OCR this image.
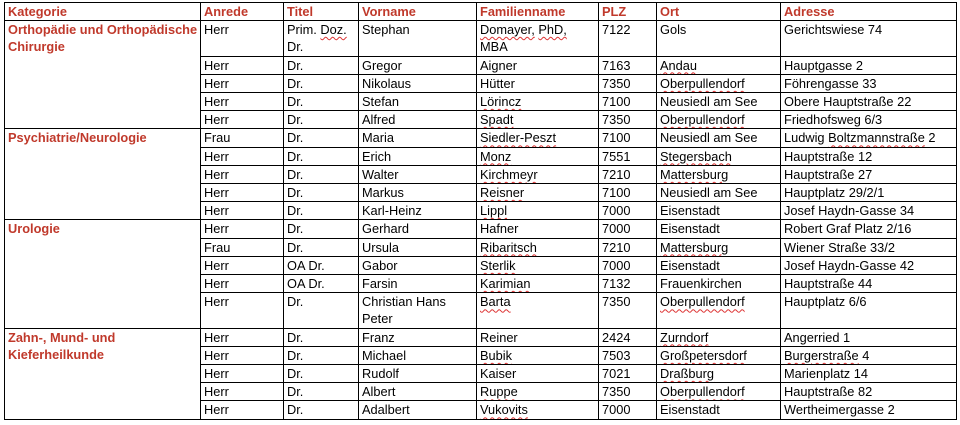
Kategorie	Anrede	Titel	Vorname	Familienname	PLZ	Ort	Adresse
Orthopädie und Orthopädische Chirurgie	Herr	Prim. Doz. Dr.	Stephan	Domayer, PhD, MBA	7122	Gols	Gerichtswiese 74
	Herr	Dr.	Gregor	Aigner	7163	Andau	Hauptgasse 2
	Herr	Dr.	Nikolaus	Hütter	7350	Oberpullendorf	Föhrengasse 33
	Herr	Dr.	Stefan	Lörincz	7100	Neusiedl am See	Obere Hauptstraße 22
	Herr	Dr.	Alfred	Spadt	7350	Oberpullendorf	Friedhofsweg 6/3
Psychiatrie/Neurologie	Frau	Dr.	Maria	Siedler-Peszt	7100	Neusiedl am See	Ludwig Boltzmannstraße 2
	Herr	Dr.	Erich	Monz	7551	Stegersbach	Hauptstraße 12
	Herr	Dr.	Walter	Kirchmeyr	7210	Mattersburg	Hauptstraße 27
	Herr	Dr.	Markus	Reisner	7100	Neusiedl am See	Hauptplatz 29/2/1
	Herr	Dr.	Karl-Heinz	Lippl	7000	Eisenstadt	Josef Haydn-Gasse 34
Urologie	Herr	Dr.	Gerhard	Hafner	7000	Eisenstadt	Robert Graf Platz 2/16
	Frau	Dr.	Ursula	Ribaritsch	7210	Mattersburg	Wiener Straße 33/2
	Herr	OA Dr.	Gabor	Sterlik	7000	Eisenstadt	Josef Haydn-Gasse 42
	Herr	OA Dr.	Farsin	Karimian	7132	Frauenkirchen	Hauptstraße 44
	Herr	Dr.	Christian Hans Peter	Barta	7350	Oberpullendorf	Hauptplatz 6/6
Zahn-, Mund- und Kieferheilkunde	Herr	Dr.	Franz	Reiner	2424	Zurndorf	Angerried 1
	Herr	Dr.	Michael	Bubik	7503	Großpetersdorf	Burgerstraße 4
	Herr	Dr.	Rudolf	Kaiser	7021	Draßburg	Marienplatz 14
	Herr	Dr.	Albert	Ruppe	7350	Oberpullendorf	Hauptstraße 82
	Herr	Dr.	Adalbert	Vukovits	7000	Eisenstadt	Wertheimergasse 2
